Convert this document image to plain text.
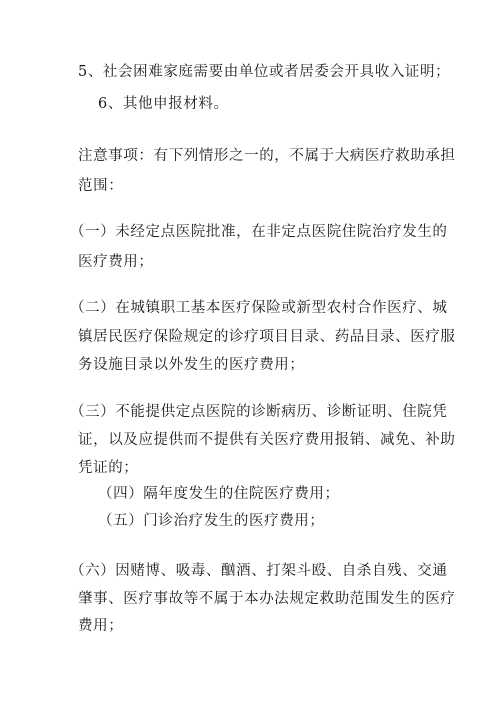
5、社会困难家庭需要由单位或者居委会开具收入证明；
6、其他申报材料。
注意事项：有下列情形之一的，不属于大病医疗救助承担
范围：
（一）未经定点医院批准，在非定点医院住院治疗发生的
医疗费用；
（二）在城镇职工基本医疗保险或新型农村合作医疗、城
镇居民医疗保险规定的诊疗项目目录、药品目录、医疗服
务设施目录以外发生的医疗费用；
（三）不能提供定点医院的诊断病历、诊断证明、住院凭
证，以及应提供而不提供有关医疗费用报销、减免、补助
凭证的；
（四）隔年度发生的住院医疗费用；
（五）门诊治疗发生的医疗费用；
（六）因赌博、吸毒、酗酒、打架斗殴、自杀自残、交通
肇事、医疗事故等不属于本办法规定救助范围发生的医疗
费用；
